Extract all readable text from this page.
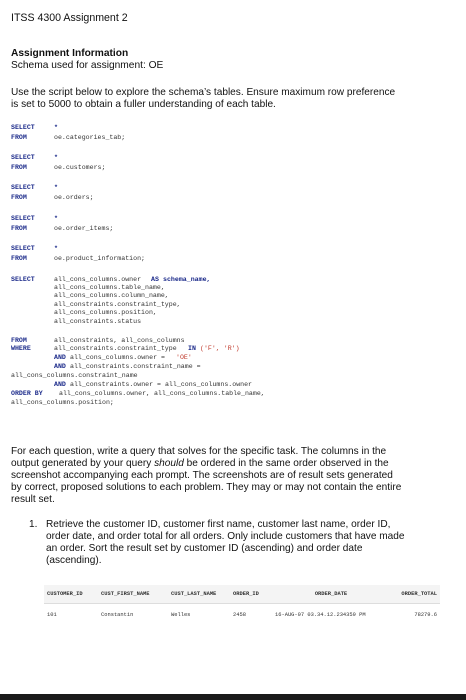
ITSS 4300 Assignment 2
Assignment Information
Schema used for assignment: OE
Use the script below to explore the schema’s tables. Ensure maximum row preference
is set to 5000 to obtain a fuller understanding of each table.
SELECT	*
FROM	oe.categories_tab;
SELECT	*
FROM	oe.customers;
SELECT	*
FROM	oe.orders;
SELECT	*
FROM	oe.order_items;
SELECT	*
FROM	oe.product_information;
SELECT	all_cons_columns.owner AS schema_name,
all_cons_columns.table_name,
all_cons_columns.column_name,
all_constraints.constraint_type,
all_cons_columns.position,
all_constraints.status
FROM	all_constraints, all_cons_columns
WHERE	all_constraints.constraint_type IN ('F', 'R')
AND all_cons_columns.owner = 'OE'
AND all_constraints.constraint_name =
all_cons_columns.constraint_name
AND all_constraints.owner = all_cons_columns.owner
ORDER BY all_cons_columns.owner, all_cons_columns.table_name,
all_cons_columns.position;
For each question, write a query that solves for the specific task. The columns in the
output generated by your query should be ordered in the same order observed in the
screenshot accompanying each prompt. The screenshots are of result sets generated
by correct, proposed solutions to each problem. They may or may not contain the entire
result set.
1. Retrieve the customer ID, customer first name, customer last name, order ID,
order date, and order total for all orders. Only include customers that have made
an order. Sort the result set by customer ID (ascending) and order date
(ascending).
CUSTOMER_ID	CUST_FIRST_NAME	CUST_LAST_NAME	ORDER_ID	ORDER_DATE	ORDER_TOTAL
101	Constantin	Welles	2458	16-AUG-07 03.34.12.234359 PM	78279.6
